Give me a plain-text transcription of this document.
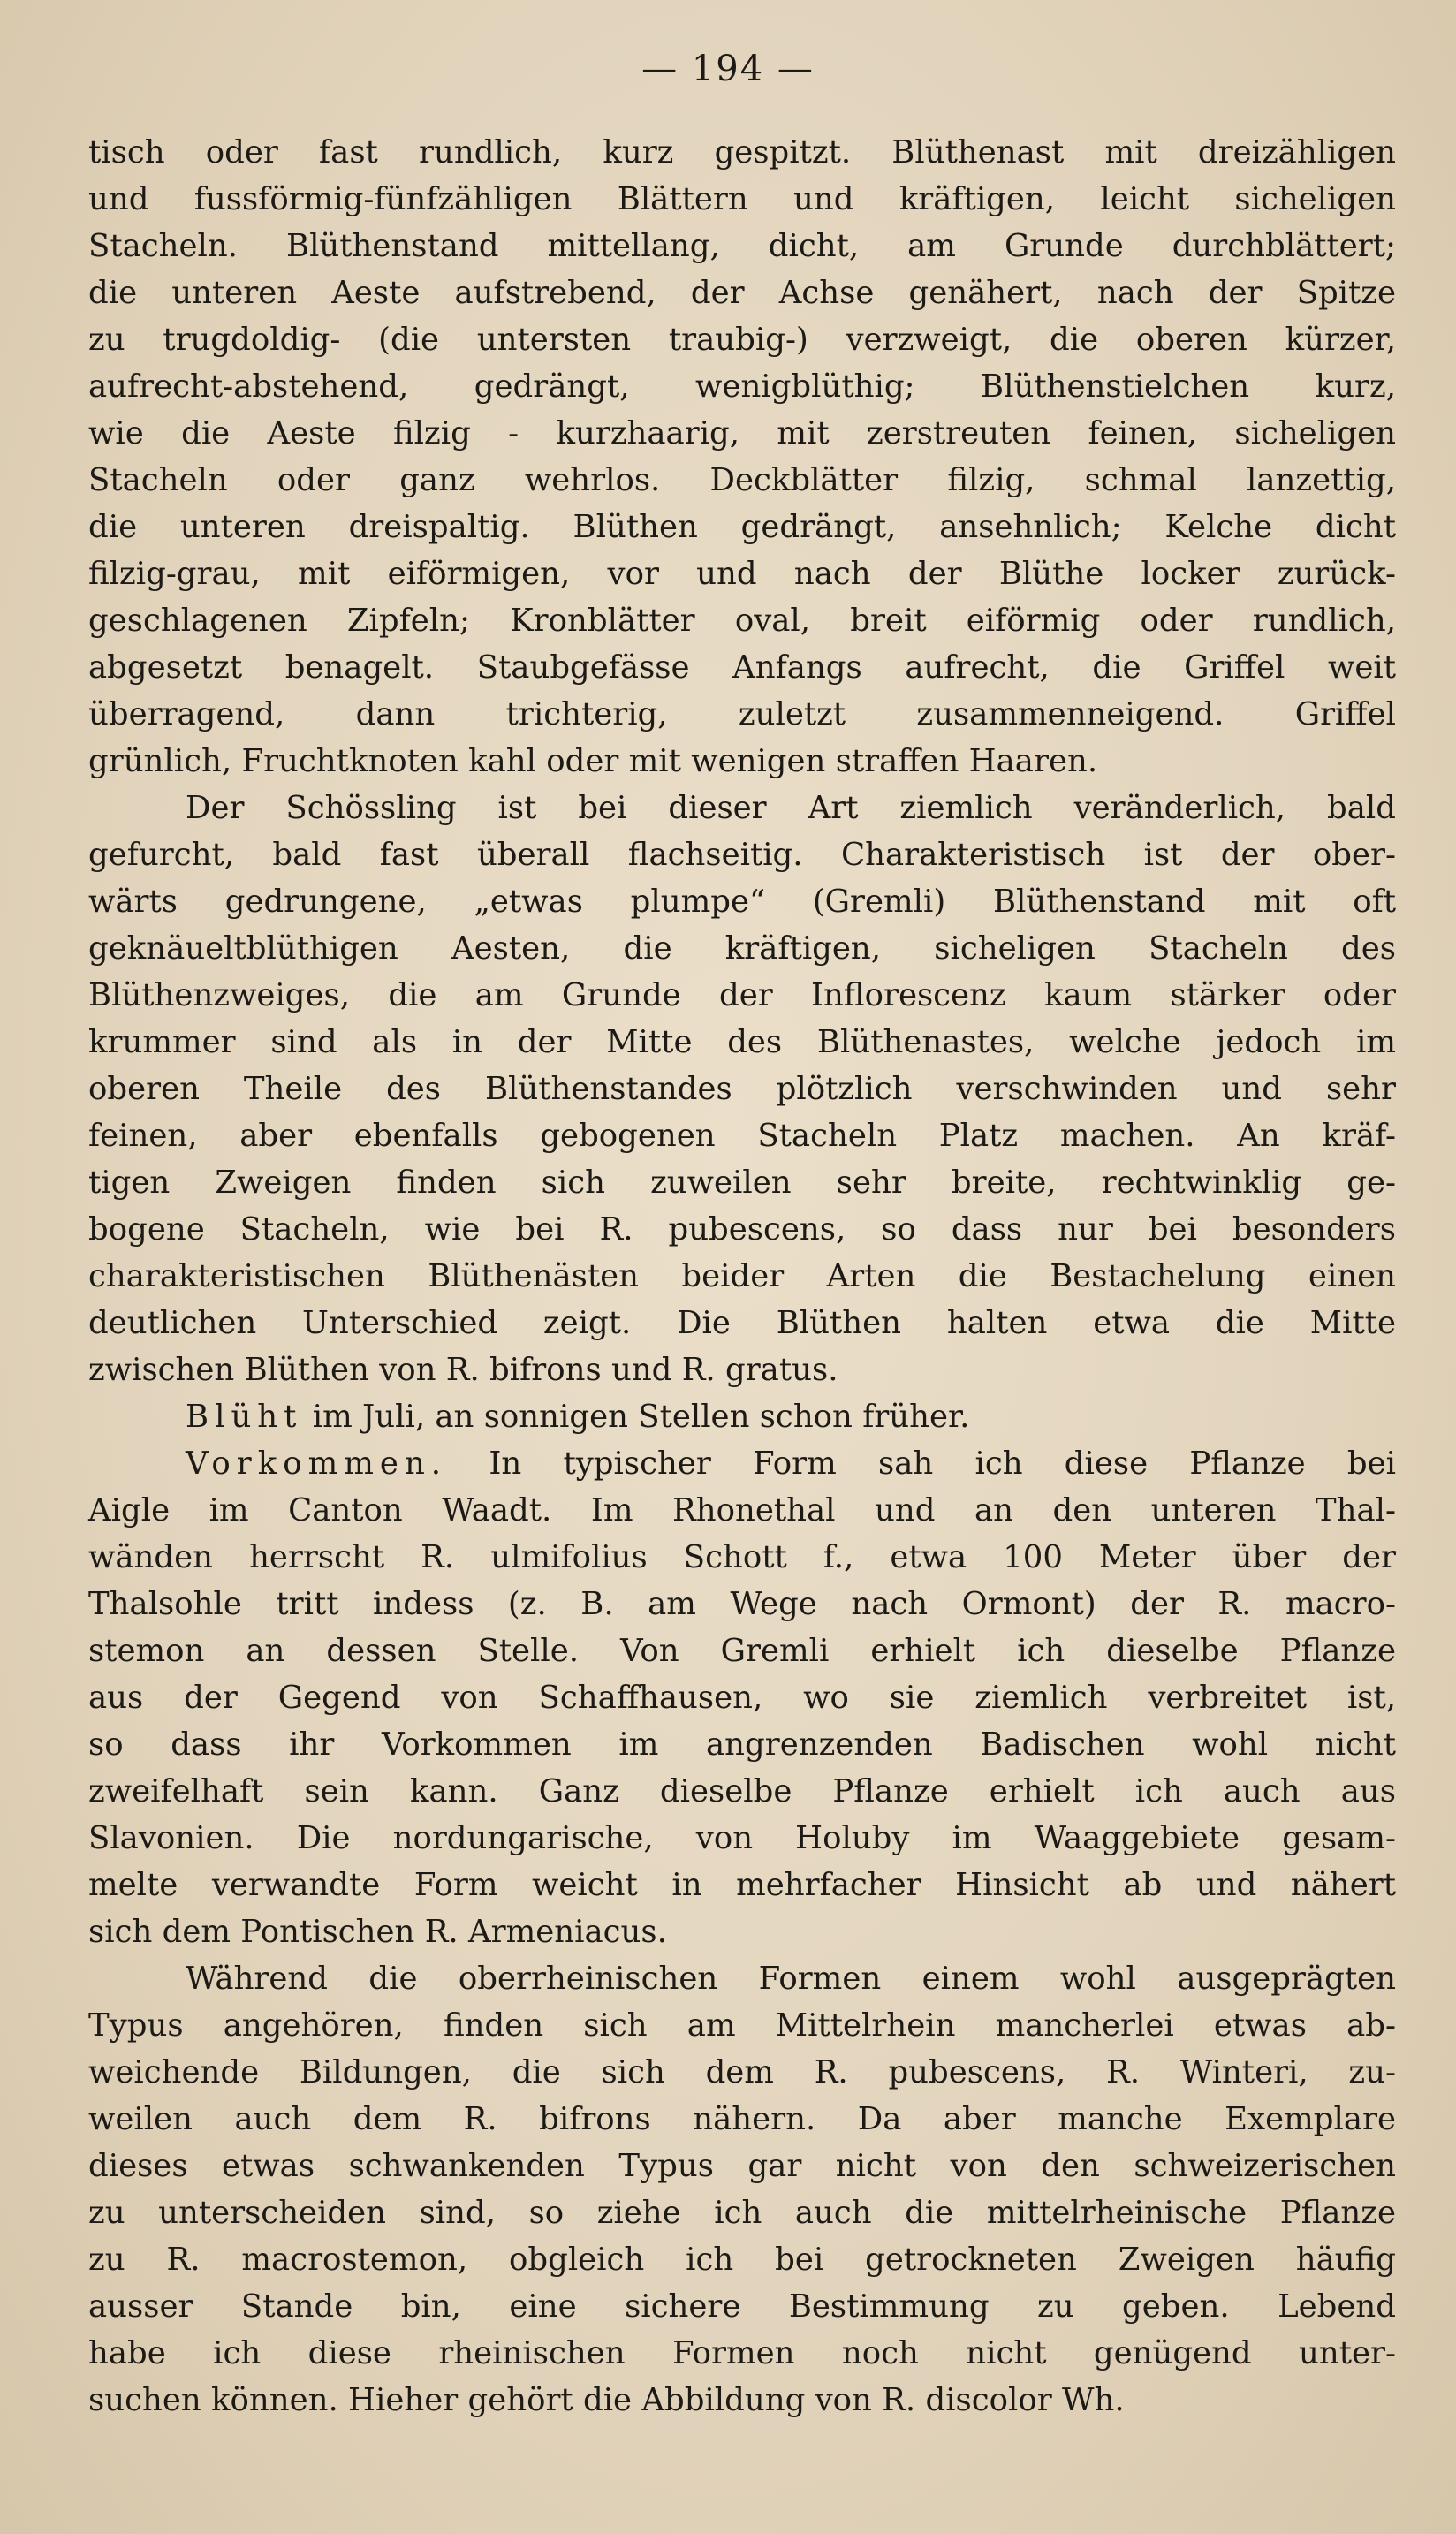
— 194 —
tisch oder fast rundlich, kurz gespitzt. Blüthenast mit dreizähligen
und fussförmig-fünfzähligen Blättern und kräftigen, leicht sicheligen
Stacheln. Blüthenstand mittellang, dicht, am Grunde durchblättert;
die unteren Aeste aufstrebend, der Achse genähert, nach der Spitze
zu trugdoldig- (die untersten traubig-) verzweigt, die oberen kürzer,
aufrecht-abstehend, gedrängt, wenigblüthig; Blüthenstielchen kurz,
wie die Aeste filzig - kurzhaarig, mit zerstreuten feinen, sicheligen
Stacheln oder ganz wehrlos. Deckblätter filzig, schmal lanzettig,
die unteren dreispaltig. Blüthen gedrängt, ansehnlich; Kelche dicht
filzig-grau, mit eiförmigen, vor und nach der Blüthe locker zurück-
geschlagenen Zipfeln; Kronblätter oval, breit eiförmig oder rundlich,
abgesetzt benagelt. Staubgefässe Anfangs aufrecht, die Griffel weit
überragend, dann trichterig, zuletzt zusammenneigend. Griffel
grünlich, Fruchtknoten kahl oder mit wenigen straffen Haaren.
Der Schössling ist bei dieser Art ziemlich veränderlich, bald
gefurcht, bald fast überall flachseitig. Charakteristisch ist der ober-
wärts gedrungene, „etwas plumpe“ (Gremli) Blüthenstand mit oft
geknäueltblüthigen Aesten, die kräftigen, sicheligen Stacheln des
Blüthenzweiges, die am Grunde der Inflorescenz kaum stärker oder
krummer sind als in der Mitte des Blüthenastes, welche jedoch im
oberen Theile des Blüthenstandes plötzlich verschwinden und sehr
feinen, aber ebenfalls gebogenen Stacheln Platz machen. An kräf-
tigen Zweigen finden sich zuweilen sehr breite, rechtwinklig ge-
bogene Stacheln, wie bei R. pubescens, so dass nur bei besonders
charakteristischen Blüthenästen beider Arten die Bestachelung einen
deutlichen Unterschied zeigt. Die Blüthen halten etwa die Mitte
zwischen Blüthen von R. bifrons und R. gratus.
Blüht im Juli, an sonnigen Stellen schon früher.
Vorkommen. In typischer Form sah ich diese Pflanze bei
Aigle im Canton Waadt. Im Rhonethal und an den unteren Thal-
wänden herrscht R. ulmifolius Schott f., etwa 100 Meter über der
Thalsohle tritt indess (z. B. am Wege nach Ormont) der R. macro-
stemon an dessen Stelle. Von Gremli erhielt ich dieselbe Pflanze
aus der Gegend von Schaffhausen, wo sie ziemlich verbreitet ist,
so dass ihr Vorkommen im angrenzenden Badischen wohl nicht
zweifelhaft sein kann. Ganz dieselbe Pflanze erhielt ich auch aus
Slavonien. Die nordungarische, von Holuby im Waaggebiete gesam-
melte verwandte Form weicht in mehrfacher Hinsicht ab und nähert
sich dem Pontischen R. Armeniacus.
Während die oberrheinischen Formen einem wohl ausgeprägten
Typus angehören, finden sich am Mittelrhein mancherlei etwas ab-
weichende Bildungen, die sich dem R. pubescens, R. Winteri, zu-
weilen auch dem R. bifrons nähern. Da aber manche Exemplare
dieses etwas schwankenden Typus gar nicht von den schweizerischen
zu unterscheiden sind, so ziehe ich auch die mittelrheinische Pflanze
zu R. macrostemon, obgleich ich bei getrockneten Zweigen häufig
ausser Stande bin, eine sichere Bestimmung zu geben. Lebend
habe ich diese rheinischen Formen noch nicht genügend unter-
suchen können. Hieher gehört die Abbildung von R. discolor Wh.
